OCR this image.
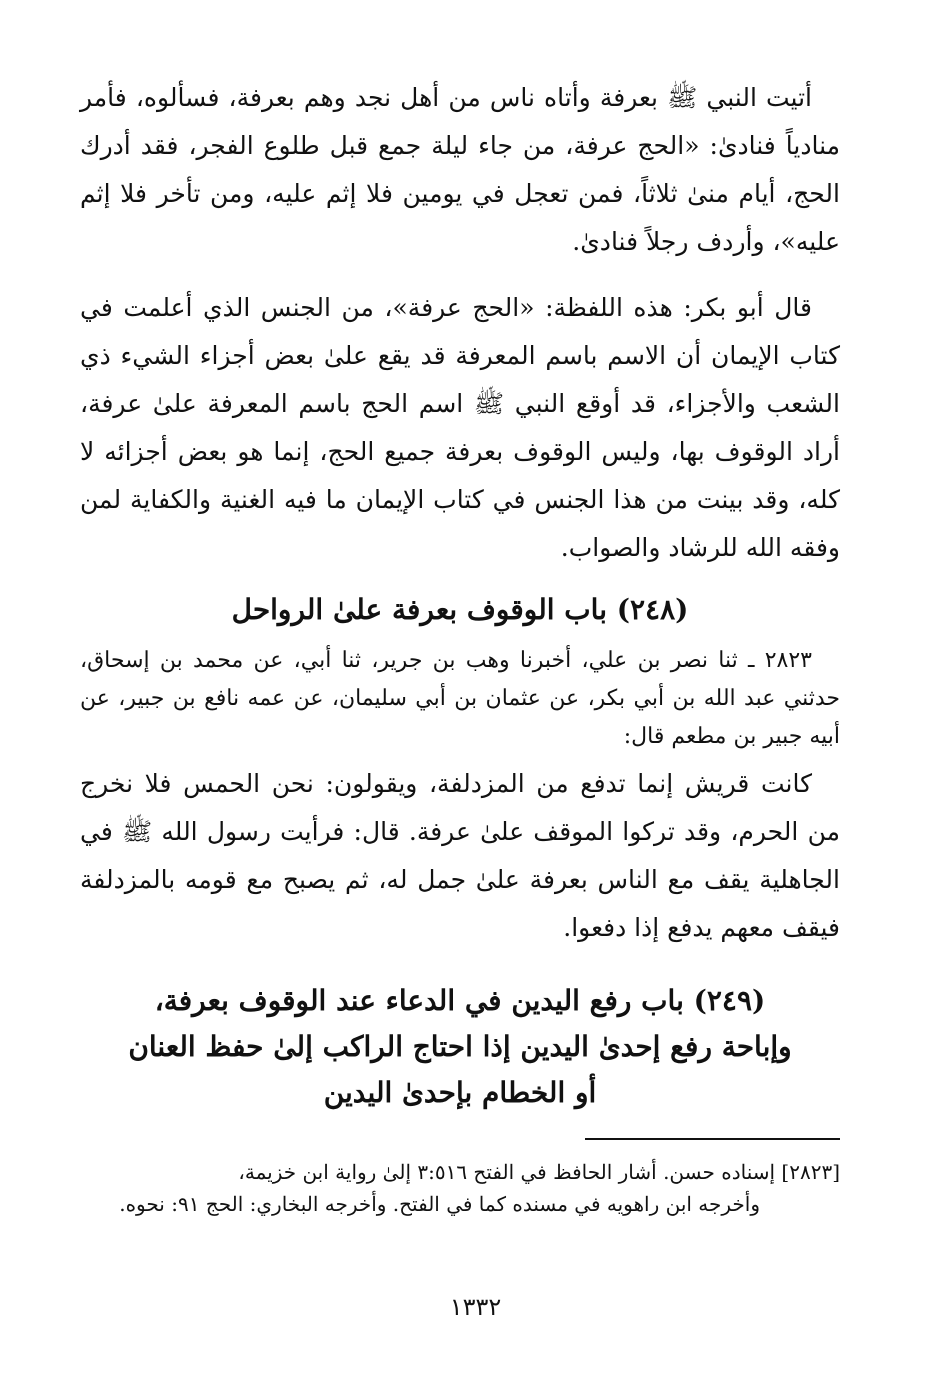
أتيت النبي ﷺ بعرفة وأتاه ناس من أهل نجد وهم بعرفة، فسألوه، فأمر منادياً فنادىٰ: «الحج عرفة، من جاء ليلة جمع قبل طلوع الفجر، فقد أدرك الحج، أيام منىٰ ثلاثاً، فمن تعجل في يومين فلا إثم عليه، ومن تأخر فلا إثم عليه»، وأردف رجلاً فنادىٰ.

قال أبو بكر: هذه اللفظة: «الحج عرفة»، من الجنس الذي أعلمت في كتاب الإيمان أن الاسم باسم المعرفة قد يقع علىٰ بعض أجزاء الشيء ذي الشعب والأجزاء، قد أوقع النبي ﷺ اسم الحج باسم المعرفة علىٰ عرفة، أراد الوقوف بها، وليس الوقوف بعرفة جميع الحج، إنما هو بعض أجزائه لا كله، وقد بينت من هذا الجنس في كتاب الإيمان ما فيه الغنية والكفاية لمن وفقه الله للرشاد والصواب.

(٢٤٨) باب الوقوف بعرفة علىٰ الرواحل

٢٨٢٣ ـ ثنا نصر بن علي، أخبرنا وهب بن جرير، ثنا أبي، عن محمد بن إسحاق، حدثني عبد الله بن أبي بكر، عن عثمان بن أبي سليمان، عن عمه نافع بن جبير، عن أبيه جبير بن مطعم قال:

كانت قريش إنما تدفع من المزدلفة، ويقولون: نحن الحمس فلا نخرج من الحرم، وقد تركوا الموقف علىٰ عرفة. قال: فرأيت رسول الله ﷺ في الجاهلية يقف مع الناس بعرفة علىٰ جمل له، ثم يصبح مع قومه بالمزدلفة فيقف معهم يدفع إذا دفعوا.

(٢٤٩) باب رفع اليدين في الدعاء عند الوقوف بعرفة،
وإباحة رفع إحدىٰ اليدين إذا احتاج الراكب إلىٰ حفظ العنان
أو الخطام بإحدىٰ اليدين
[٢٨٢٣] إسناده حسن. أشار الحافظ في الفتح ٣:٥١٦ إلىٰ رواية ابن خزيمة،
وأخرجه ابن راهويه في مسنده كما في الفتح. وأخرجه البخاري: الحج ٩١: نحوه.
١٣٣٢
